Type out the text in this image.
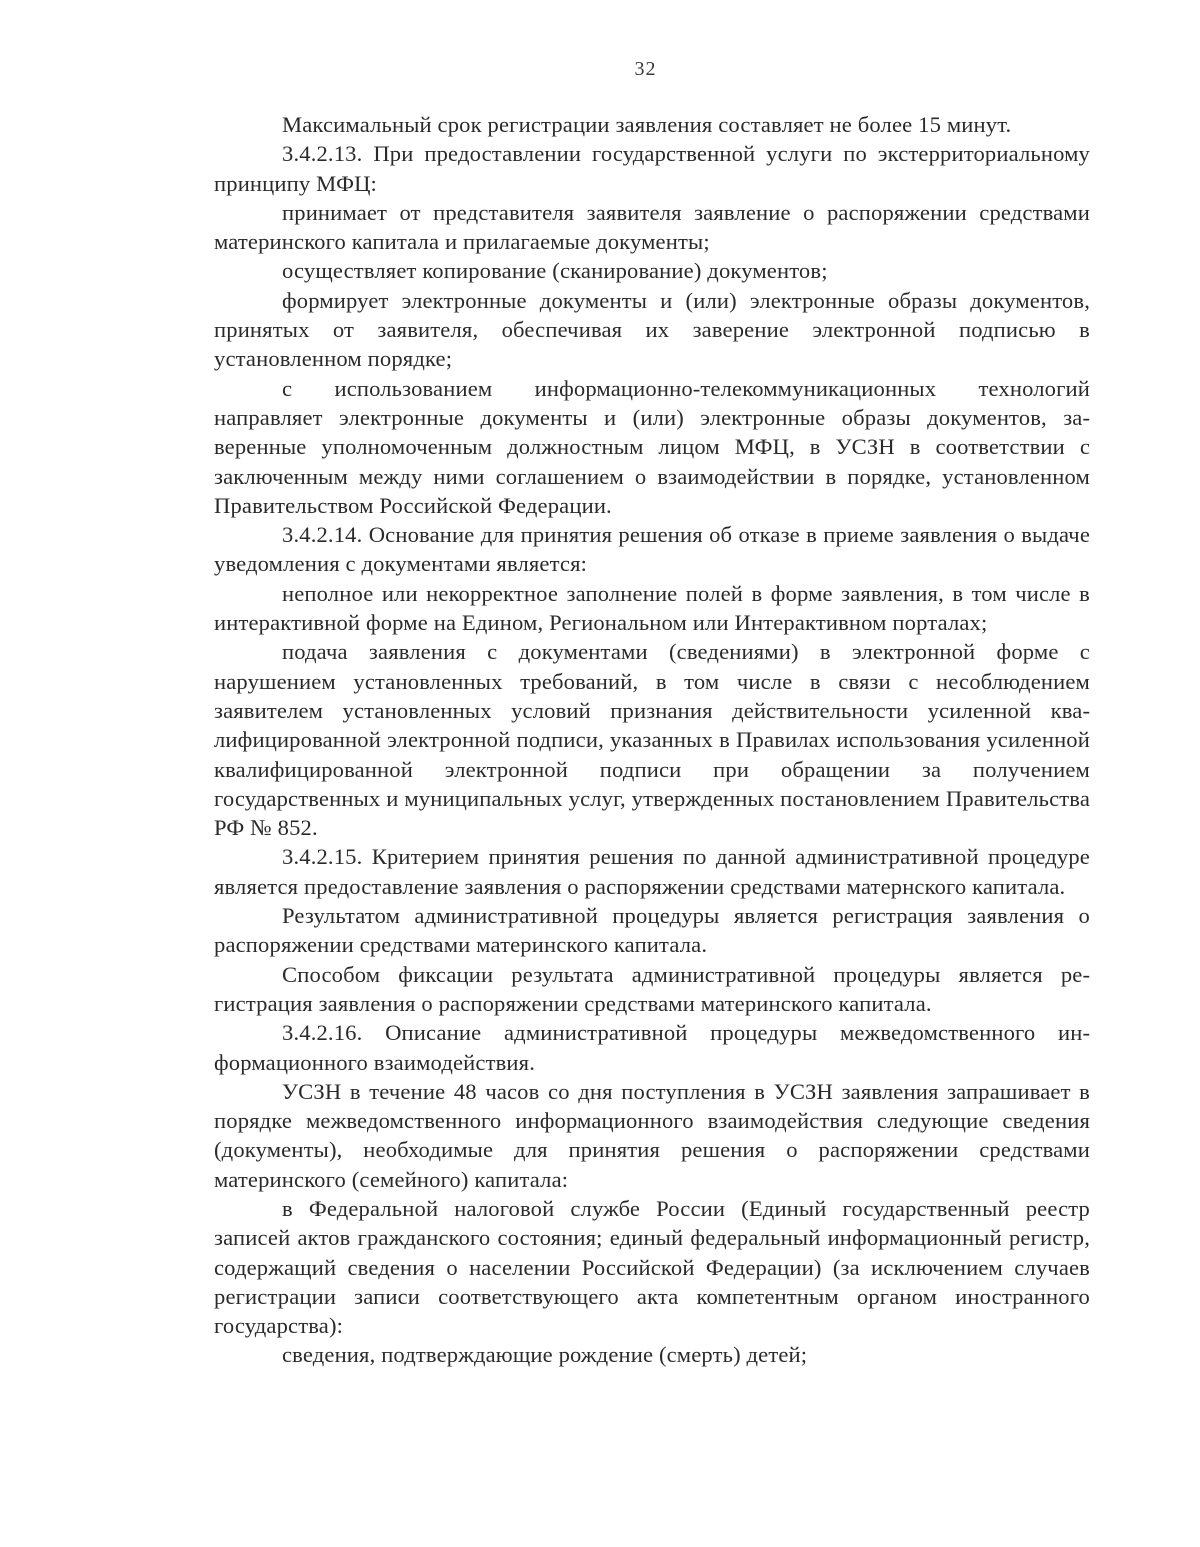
32

Максимальный срок регистрации заявления составляет не более 15 минут.

3.4.2.13. При предоставлении государственной услуги по экстерриториальному принципу МФЦ:

принимает от представителя заявителя заявление о распоряжении средствами материнского капитала и прилагаемые документы;

осуществляет копирование (сканирование) документов;

формирует электронные документы и (или) электронные образы документов, принятых от заявителя, обеспечивая их заверение электронной подписью в установленном порядке;

с использованием информационно-телекоммуникационных технологий направляет электронные документы и (или) электронные образы документов, заверенные уполномоченным должностным лицом МФЦ, в УСЗН в соответствии с заключенным между ними соглашением о взаимодействии в порядке, установленном Правительством Российской Федерации.

3.4.2.14. Основание для принятия решения об отказе в приеме заявления о выдаче уведомления с документами является:

неполное или некорректное заполнение полей в форме заявления, в том числе в интерактивной форме на Едином, Региональном или Интерактивном порталах;

подача заявления с документами (сведениями) в электронной форме с нарушением установленных требований, в том числе в связи с несоблюдением заявителем установленных условий признания действительности усиленной квалифицированной электронной подписи, указанных в Правилах использования усиленной квалифицированной электронной подписи при обращении за получением государственных и муниципальных услуг, утвержденных постановлением Правительства РФ № 852.

3.4.2.15. Критерием принятия решения по данной административной процедуре является предоставление заявления о распоряжении средствами матернского капитала.

Результатом административной процедуры является регистрация заявления о распоряжении средствами материнского капитала.

Способом фиксации результата административной процедуры является регистрация заявления о распоряжении средствами материнского капитала.

3.4.2.16. Описание административной процедуры межведомственного информационного взаимодействия.

УСЗН в течение 48 часов со дня поступления в УСЗН заявления запрашивает в порядке межведомственного информационного взаимодействия следующие сведения (документы), необходимые для принятия решения о распоряжении средствами материнского (семейного) капитала:

в Федеральной налоговой службе России (Единый государственный реестр записей актов гражданского состояния; единый федеральный информационный регистр, содержащий сведения о населении Российской Федерации) (за исключением случаев регистрации записи соответствующего акта компетентным органом иностранного государства):

сведения, подтверждающие рождение (смерть) детей;
